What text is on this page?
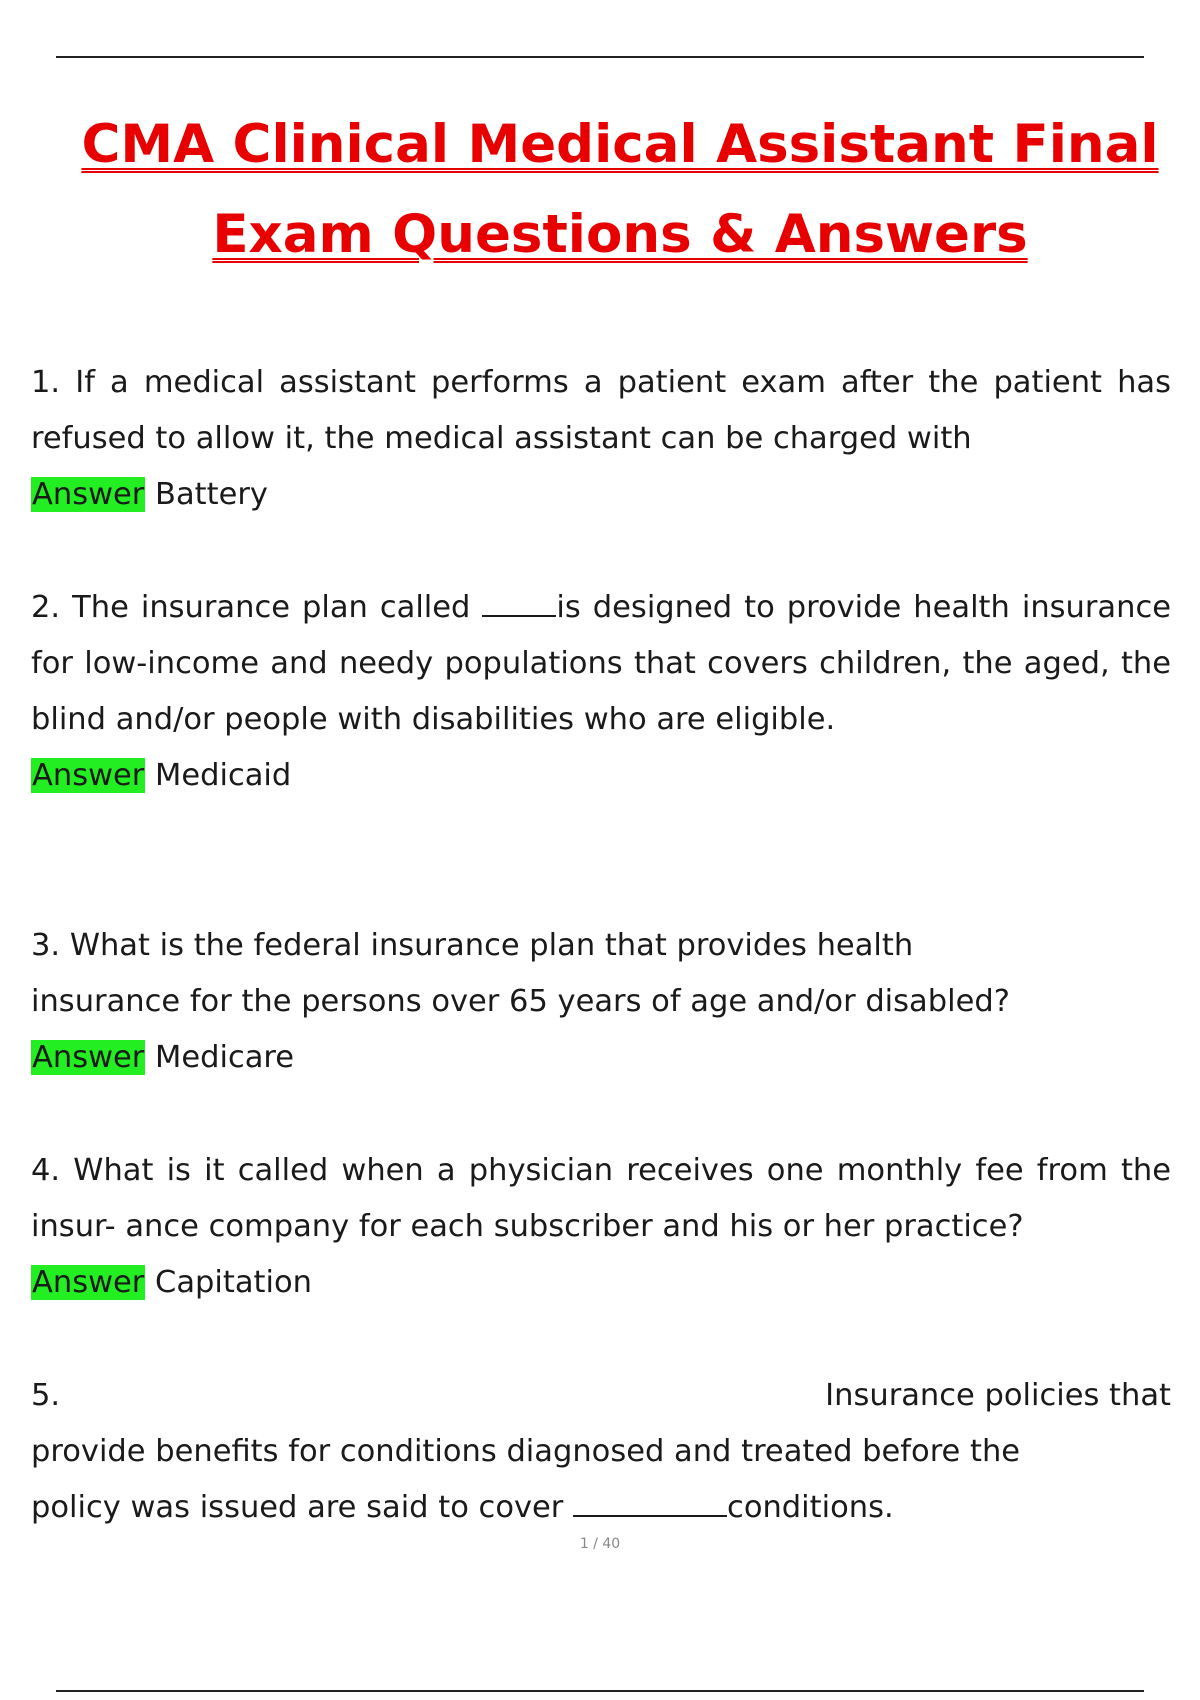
CMA Clinical Medical Assistant Final
Exam Questions & Answers
1. If a medical assistant performs a patient exam after the patient has refused to allow it, the medical assistant can be charged with
Answer Battery
2. The insurance plan called	is designed to provide health insurance for low-income and needy populations that covers children, the aged, the blind and/or people with disabilities who are eligible.
Answer Medicaid
3. What is the federal insurance plan that provides health
insurance for the persons over 65 years of age and/or disabled?
Answer Medicare
4. What is it called when a physician receives one monthly fee from the insur- ance company for each subscriber and his or her practice?
Answer Capitation
5.	Insurance policies that
provide benefits for conditions diagnosed and treated before the
policy was issued are said to cover	conditions.
1 / 40
